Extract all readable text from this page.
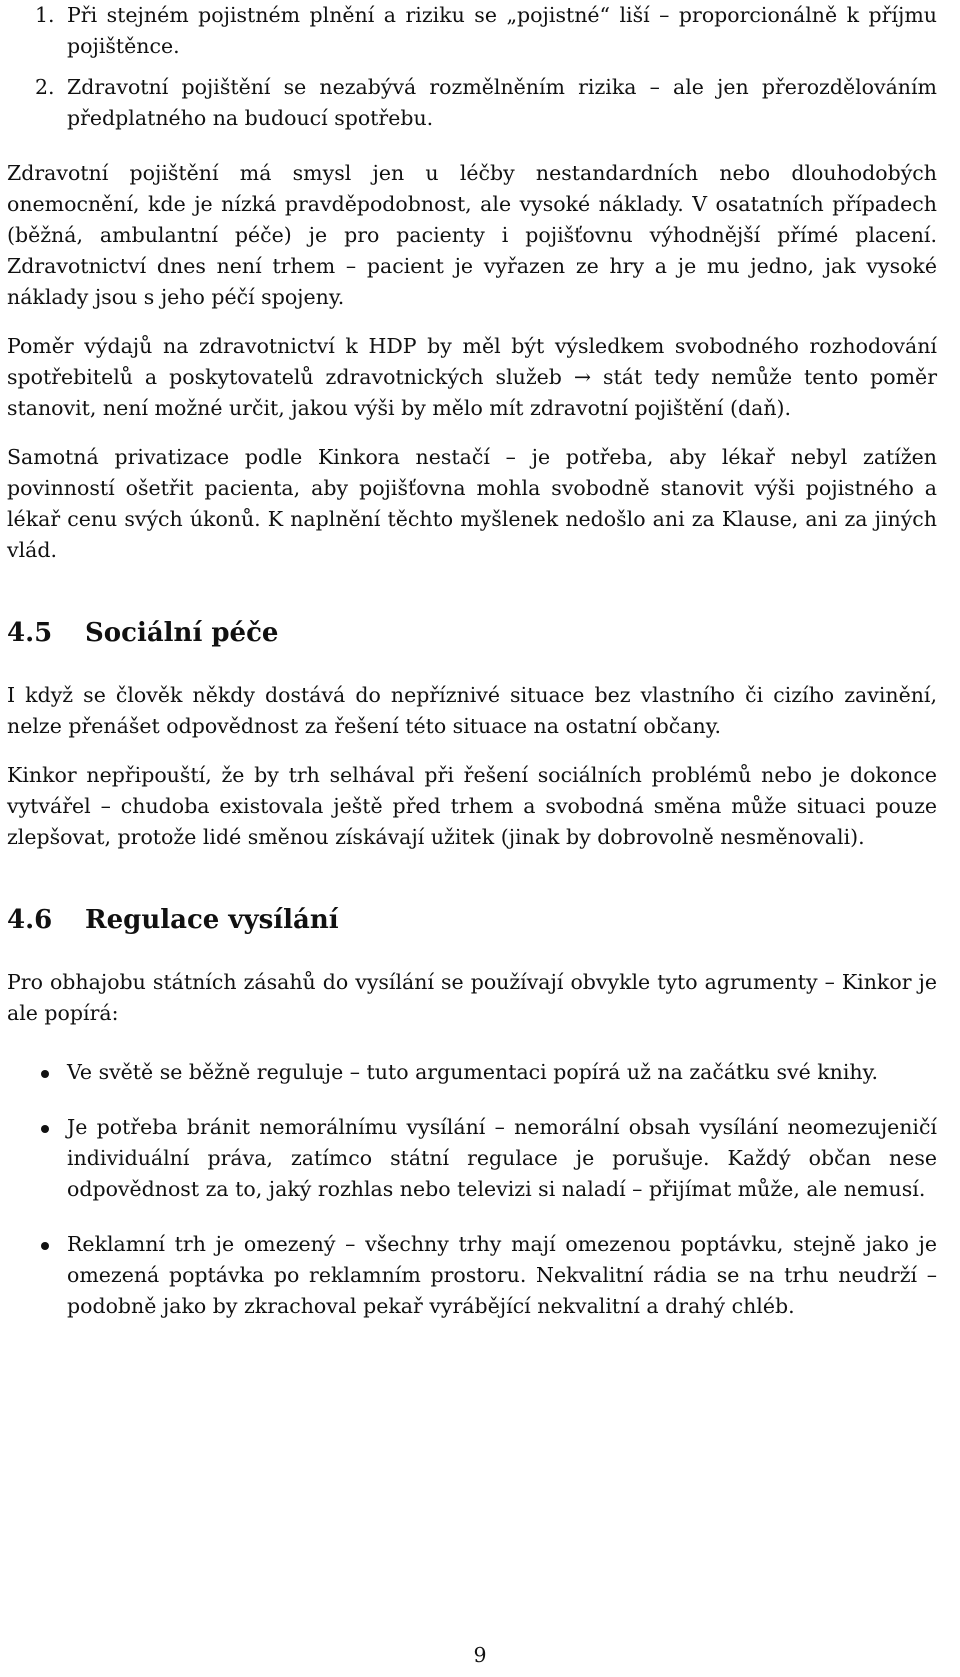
1. Při stejném pojistném plnění a riziku se „pojistné“ liší – proporcionálně k příjmu pojištěnce.

2. Zdravotní pojištění se nezabývá rozmělněním rizika – ale jen přerozdělováním předplatného na budoucí spotřebu.

Zdravotní pojištění má smysl jen u léčby nestandardních nebo dlouhodobých onemocnění, kde je nízká pravděpodobnost, ale vysoké náklady. V osatatních případech (běžná, ambulantní péče) je pro pacienty i pojišťovnu výhodnější přímé placení. Zdravotnictví dnes není trhem – pacient je vyřazen ze hry a je mu jedno, jak vysoké náklady jsou s jeho péčí spojeny.

Poměr výdajů na zdravotnictví k HDP by měl být výsledkem svobodného rozhodování spotřebitelů a poskytovatelů zdravotnických služeb → stát tedy nemůže tento poměr stanovit, není možné určit, jakou výši by mělo mít zdravotní pojištění (daň).

Samotná privatizace podle Kinkora nestačí – je potřeba, aby lékař nebyl zatížen povinností ošetřit pacienta, aby pojišťovna mohla svobodně stanovit výši pojistného a lékař cenu svých úkonů. K naplnění těchto myšlenek nedošlo ani za Klause, ani za jiných vlád.

4.5 Sociální péče

I když se člověk někdy dostává do nepříznivé situace bez vlastního či cizího zavinění, nelze přenášet odpovědnost za řešení této situace na ostatní občany.

Kinkor nepřipouští, že by trh selhával při řešení sociálních problémů nebo je dokonce vytvářel – chudoba existovala ještě před trhem a svobodná směna může situaci pouze zlepšovat, protože lidé směnou získávají užitek (jinak by dobrovolně nesměnovali).

4.6 Regulace vysílání

Pro obhajobu státních zásahů do vysílání se používají obvykle tyto agrumenty – Kinkor je ale popírá:

Ve světě se běžně reguluje – tuto argumentaci popírá už na začátku své knihy.

Je potřeba bránit nemorálnímu vysílání – nemorální obsah vysílání neomezujeničí individuální práva, zatímco státní regulace je porušuje. Každý občan nese odpovědnost za to, jaký rozhlas nebo televizi si naladí – přijímat může, ale nemusí.

Reklamní trh je omezený – všechny trhy mají omezenou poptávku, stejně jako je omezená poptávka po reklamním prostoru. Nekvalitní rádia se na trhu neudrží – podobně jako by zkrachoval pekař vyrábějící nekvalitní a drahý chléb.

9
